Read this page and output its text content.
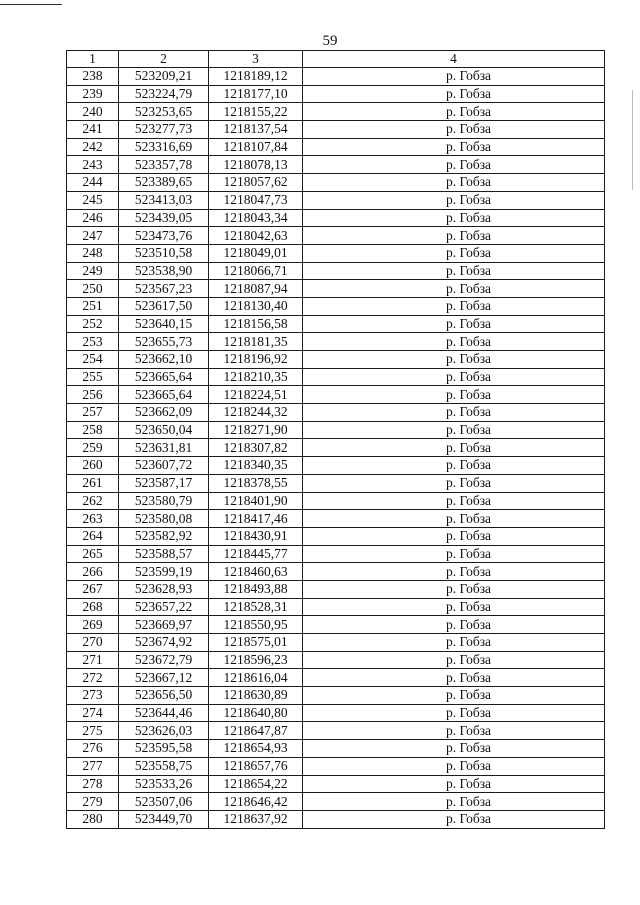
59
1	2	3	4
238	523209,21	1218189,12	р. Гобза
239	523224,79	1218177,10	р. Гобза
240	523253,65	1218155,22	р. Гобза
241	523277,73	1218137,54	р. Гобза
242	523316,69	1218107,84	р. Гобза
243	523357,78	1218078,13	р. Гобза
244	523389,65	1218057,62	р. Гобза
245	523413,03	1218047,73	р. Гобза
246	523439,05	1218043,34	р. Гобза
247	523473,76	1218042,63	р. Гобза
248	523510,58	1218049,01	р. Гобза
249	523538,90	1218066,71	р. Гобза
250	523567,23	1218087,94	р. Гобза
251	523617,50	1218130,40	р. Гобза
252	523640,15	1218156,58	р. Гобза
253	523655,73	1218181,35	р. Гобза
254	523662,10	1218196,92	р. Гобза
255	523665,64	1218210,35	р. Гобза
256	523665,64	1218224,51	р. Гобза
257	523662,09	1218244,32	р. Гобза
258	523650,04	1218271,90	р. Гобза
259	523631,81	1218307,82	р. Гобза
260	523607,72	1218340,35	р. Гобза
261	523587,17	1218378,55	р. Гобза
262	523580,79	1218401,90	р. Гобза
263	523580,08	1218417,46	р. Гобза
264	523582,92	1218430,91	р. Гобза
265	523588,57	1218445,77	р. Гобза
266	523599,19	1218460,63	р. Гобза
267	523628,93	1218493,88	р. Гобза
268	523657,22	1218528,31	р. Гобза
269	523669,97	1218550,95	р. Гобза
270	523674,92	1218575,01	р. Гобза
271	523672,79	1218596,23	р. Гобза
272	523667,12	1218616,04	р. Гобза
273	523656,50	1218630,89	р. Гобза
274	523644,46	1218640,80	р. Гобза
275	523626,03	1218647,87	р. Гобза
276	523595,58	1218654,93	р. Гобза
277	523558,75	1218657,76	р. Гобза
278	523533,26	1218654,22	р. Гобза
279	523507,06	1218646,42	р. Гобза
280	523449,70	1218637,92	р. Гобза
